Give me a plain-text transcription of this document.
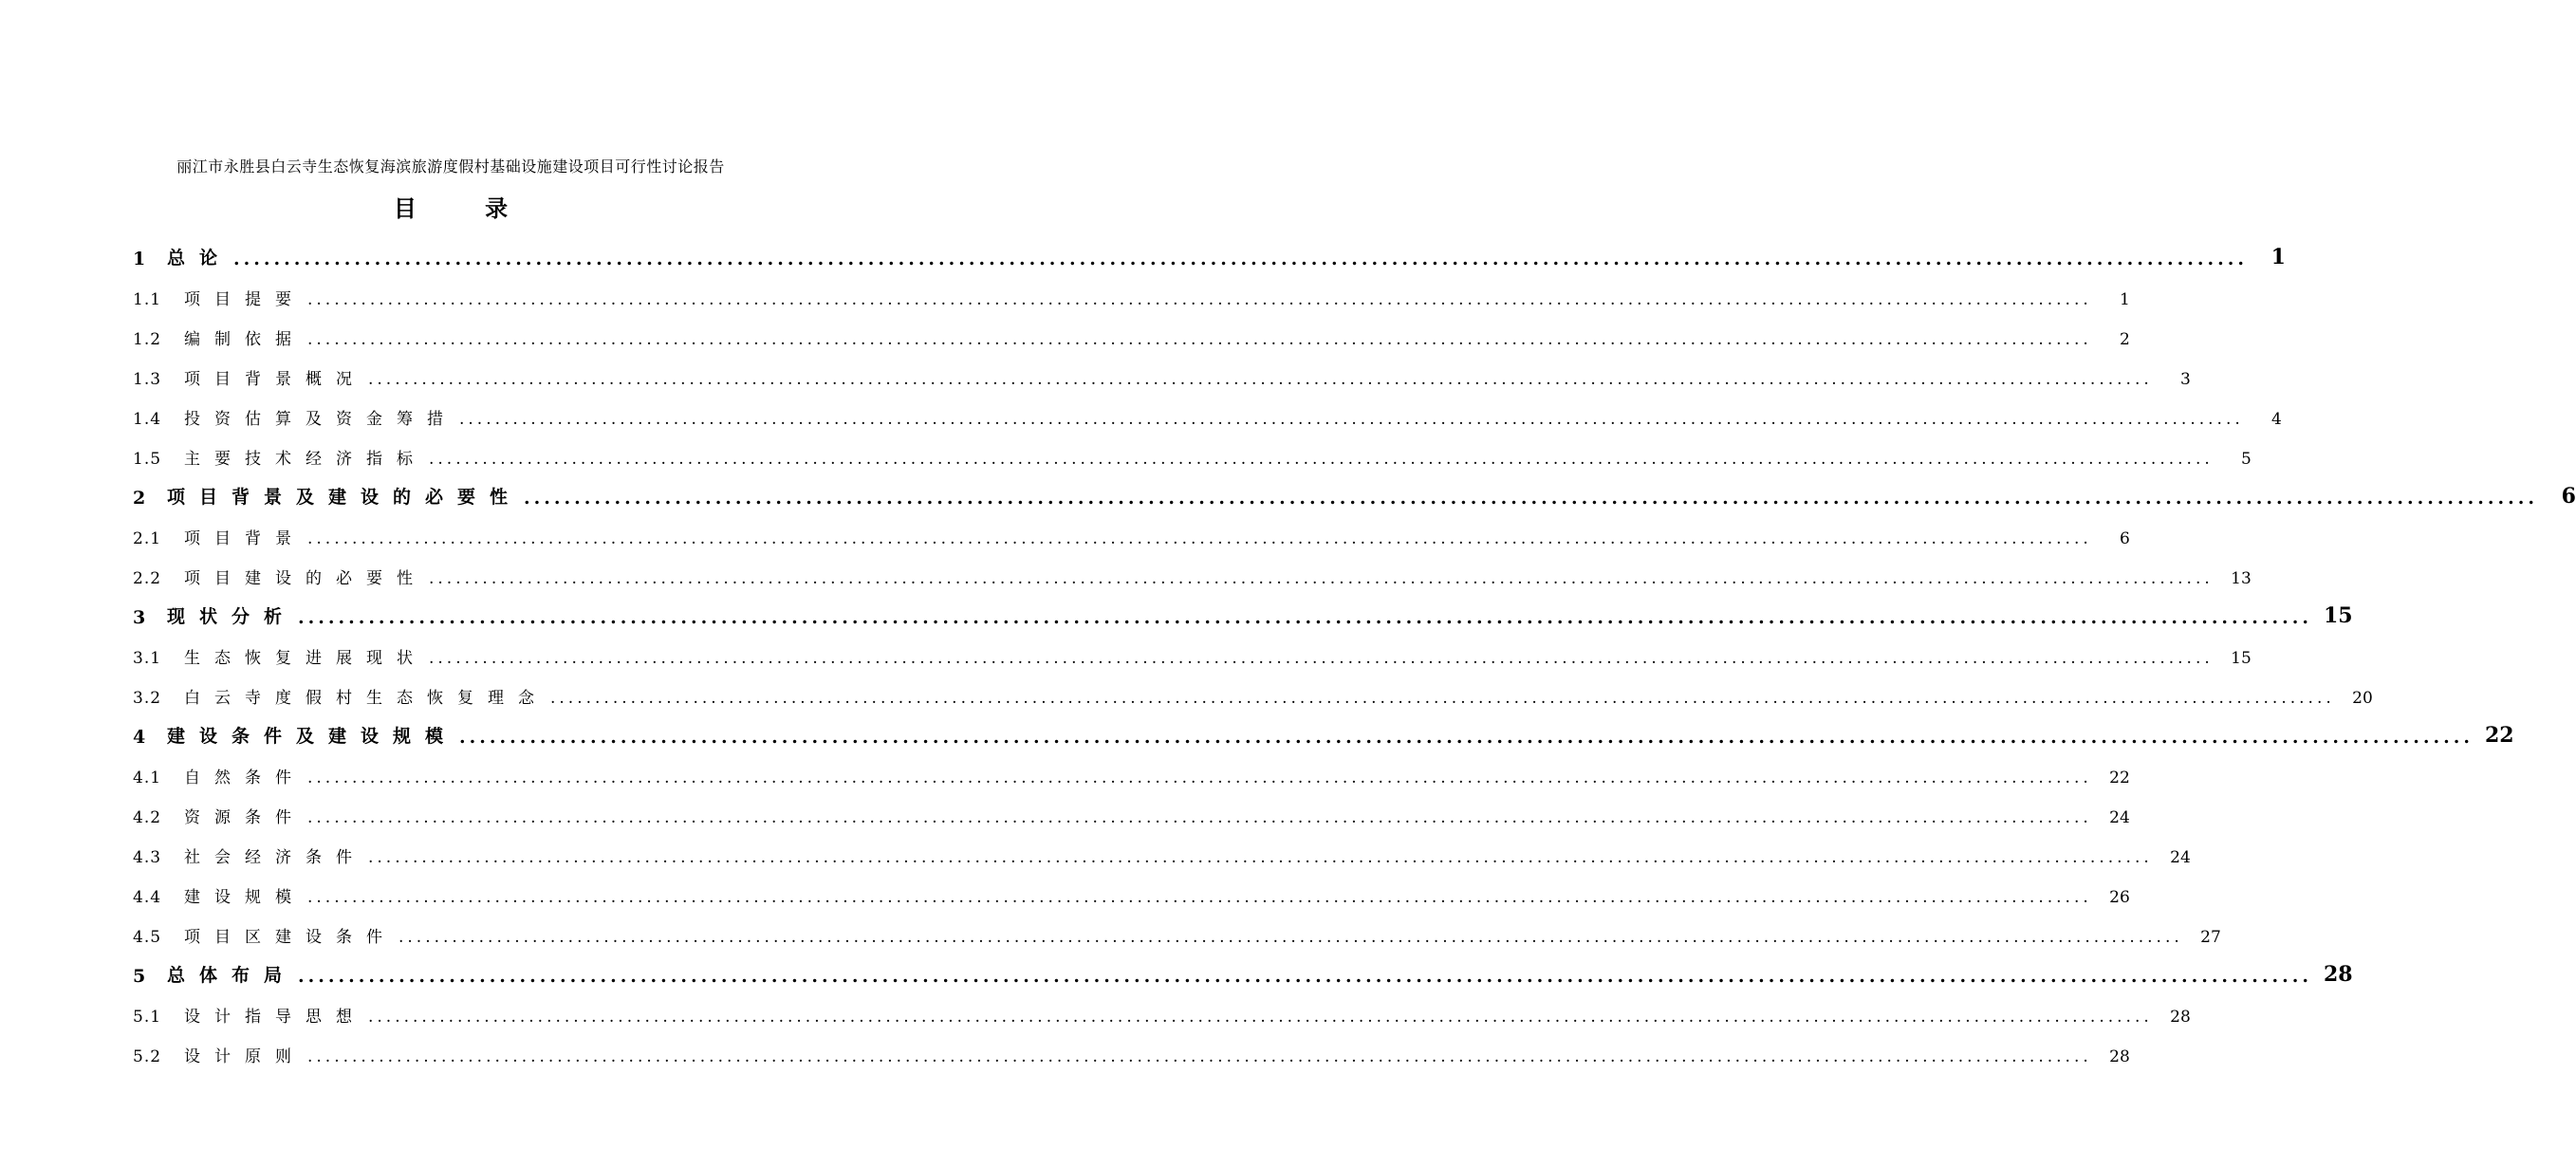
丽江市永胜县白云寺生态恢复海滨旅游度假村基础设施建设项目可行性讨论报告
目 录
1	总论 ........................................................................................................................................................................................................	1
1.1	项目提要 ........................................................................................................................................................................................................	1
1.2	编制依据 ........................................................................................................................................................................................................	2
1.3	项目背景概况 ........................................................................................................................................................................................................	3
1.4	投资估算及资金筹措 ........................................................................................................................................................................................................	4
1.5	主要技术经济指标 ........................................................................................................................................................................................................	5
2	项目背景及建设的必要性 ........................................................................................................................................................................................................	6
2.1	项目背景 ........................................................................................................................................................................................................	6
2.2	项目建设的必要性 ........................................................................................................................................................................................................	13
3	现状分析 ........................................................................................................................................................................................................ 15
3.1	生态恢复进展现状 ........................................................................................................................................................................................................	15
3.2	白云寺度假村生态恢复理念 ........................................................................................................................................................................................................	20
4	建设条件及建设规模 ........................................................................................................................................................................................................ 22
4.1	自然条件 ........................................................................................................................................................................................................	22
4.2	资源条件 ........................................................................................................................................................................................................	24
4.3	社会经济条件 ........................................................................................................................................................................................................	24
4.4	建设规模 ........................................................................................................................................................................................................	26
4.5	项目区建设条件 ........................................................................................................................................................................................................	27
5	总体布局 ........................................................................................................................................................................................................ 28
5.1	设计指导思想 ........................................................................................................................................................................................................	28
5.2	设计原则 ........................................................................................................................................................................................................	28
